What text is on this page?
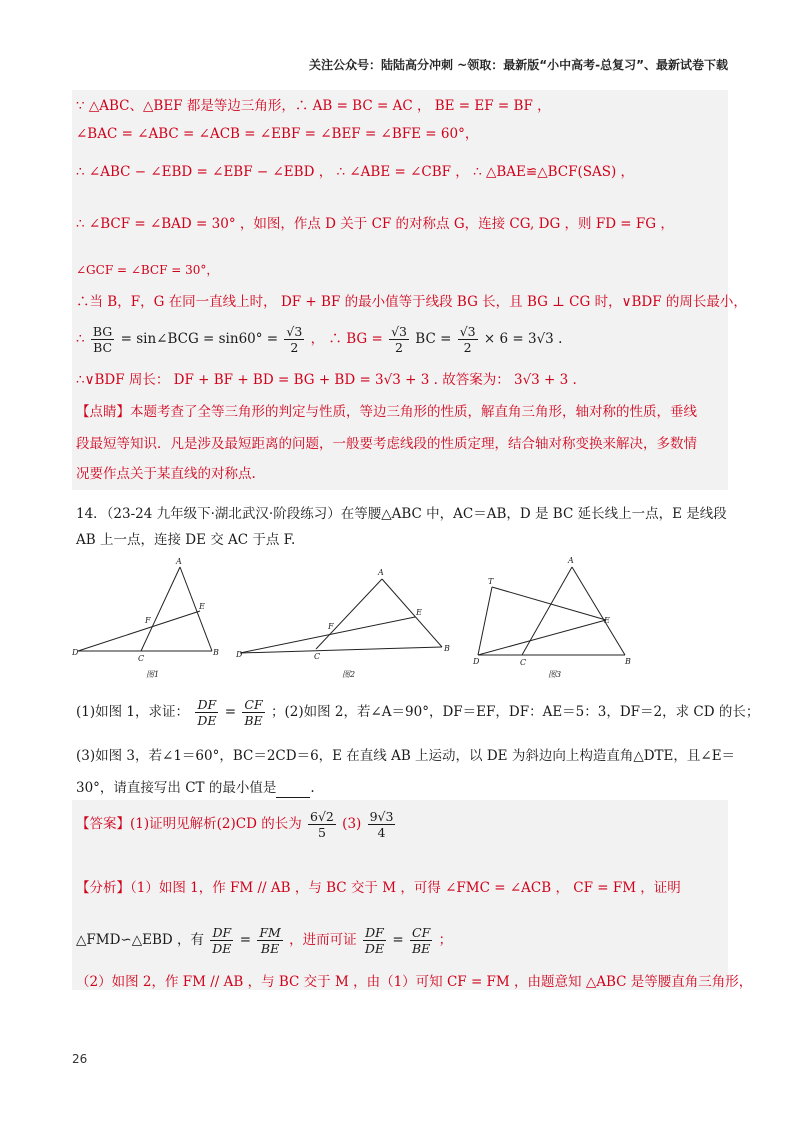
关注公众号：陆陆高分冲刺 ~领取：最新版“小中高考-总复习”、最新试卷下载
∵ △ABC、△BEF 都是等边三角形，∴ AB = BC = AC ， BE = EF = BF ，
∠BAC = ∠ABC = ∠ACB = ∠EBF = ∠BEF = ∠BFE = 60°，
∴ ∠ABC − ∠EBD = ∠EBF − ∠EBD ， ∴ ∠ABE = ∠CBF ， ∴ △BAE≌△BCF(SAS) ，
∴ ∠BCF = ∠BAD = 30° ，如图，作点 D 关于 CF 的对称点 G，连接 CG, DG ，则 FD = FG ，
∠GCF = ∠BCF = 30°，
∴当 B，F，G 在同一直线上时， DF + BF 的最小值等于线段 BG 长，且 BG ⊥ CG 时，∨BDF 的周长最小，
∴ $\frac{BG}{BC}$ = sin∠BCG = $\sin 60^\circ = \frac{√3}{2}$ ， ∴ BG = $\frac{√3}{2}$ BC = $\frac{√3}{2} \times 6 = 3√3$ .
∴∨BDF 周长： DF + BF + BD = BG + BD = 3√3 + 3 . 故答案为： 3√3 + 3 .
【点睛】本题考查了全等三角形的判定与性质，等边三角形的性质，解直角三角形，轴对称的性质，垂线
段最短等知识．凡是涉及最短距离的问题，一般要考虑线段的性质定理，结合轴对称变换来解决，多数情
况要作点关于某直线的对称点.
14．（23-24 九年级下·湖北武汉·阶段练习）在等腰△ABC 中，AC＝AB，D 是 BC 延长线上一点，E 是线段
AB 上一点，连接 DE 交 AC 于点 F.
A
E
F
D
C
B
图1
A
E
F
D	C
B
图2
A
T
E
D	C	B
图3
(1)如图 1，求证： $\frac{DF}{DE} = \frac{CF}{BE}$ ；(2)如图 2，若∠A＝90°，DF＝EF，DF：AE＝5：3，DF＝2，求 CD 的长；
(3)如图 3，若∠1＝60°，BC＝2CD＝6，E 在直线 AB 上运动，以 DE 为斜边向上构造直角△DTE，且∠E＝
30°，请直接写出 CT 的最小值是	.
【答案】(1)证明见解析(2)CD 的长为 $\frac{6√2}{5} (3) \frac{9√3}{4}$
【分析】（1）如图 1，作 FM // AB ，与 BC 交于 M ，可得 ∠FMC = ∠ACB ， CF = FM ，证明
△FMD∽△EBD ，有 $\frac{DF}{DE} = \frac{FM}{BE}$ ，进而可证 $\frac{DF}{DE} = \frac{CF}{BE}$ ；
（2）如图 2，作 FM // AB ，与 BC 交于 M ，由（1）可知 CF = FM ，由题意知 △ABC 是等腰直角三角形，
26
